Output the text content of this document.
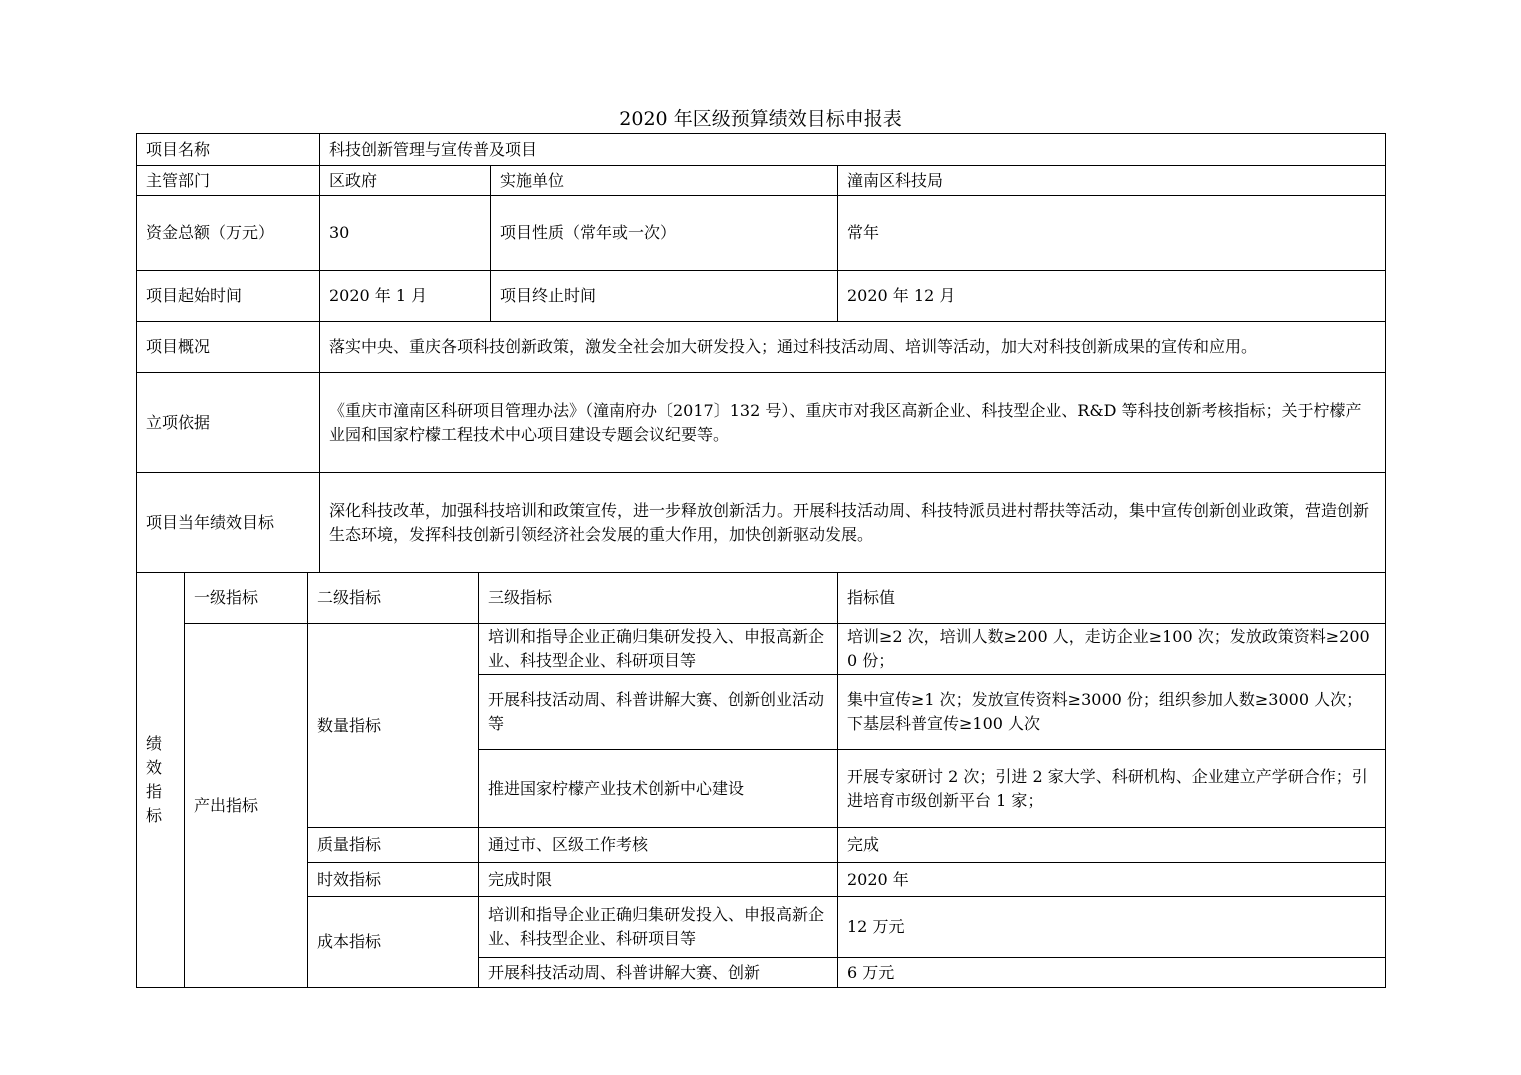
2020 年区级预算绩效目标申报表
项目名称			科技创新管理与宣传普及项目			
主管部门			区政府		实施单位	潼南区科技局
资金总额（万元）			30		项目性质（常年或一次）	常年
项目起始时间			2020 年 1 月		项目终止时间	2020 年 12 月
项目概况			落实中央、重庆各项科技创新政策，激发全社会加大研发投入；通过科技活动周、培训等活动，加大对科技创新成果的宣传和应用。			
立项依据			《重庆市潼南区科研项目管理办法》（潼南府办〔2017〕132 号）、重庆市对我区高新企业、科技型企业、R&D 等科技创新考核指标；关于柠檬产业园和国家柠檬工程技术中心项目建设专题会议纪要等。			
项目当年绩效目标			深化科技改革，加强科技培训和政策宣传，进一步释放创新活力。开展科技活动周、科技特派员进村帮扶等活动，集中宣传创新创业政策，营造创新生态环境，发挥科技创新引领经济社会发展的重大作用，加快创新驱动发展。			
绩效指标	一级指标	二级指标		三级指标		指标值
	产出指标	数量指标		培训和指导企业正确归集研发投入、申报高新企业、科技型企业、科研项目等		培训≥2 次，培训人数≥200 人，走访企业≥100 次；发放政策资料≥2000 份；
				开展科技活动周、科普讲解大赛、创新创业活动等		集中宣传≥1 次；发放宣传资料≥3000 份；组织参加人数≥3000 人次；下基层科普宣传≥100 人次
				推进国家柠檬产业技术创新中心建设		开展专家研讨 2 次；引进 2 家大学、科研机构、企业建立产学研合作；引进培育市级创新平台 1 家；
		质量指标		通过市、区级工作考核		完成
		时效指标		完成时限		2020 年
		成本指标		培训和指导企业正确归集研发投入、申报高新企业、科技型企业、科研项目等		12 万元
				开展科技活动周、科普讲解大赛、创新		6 万元
